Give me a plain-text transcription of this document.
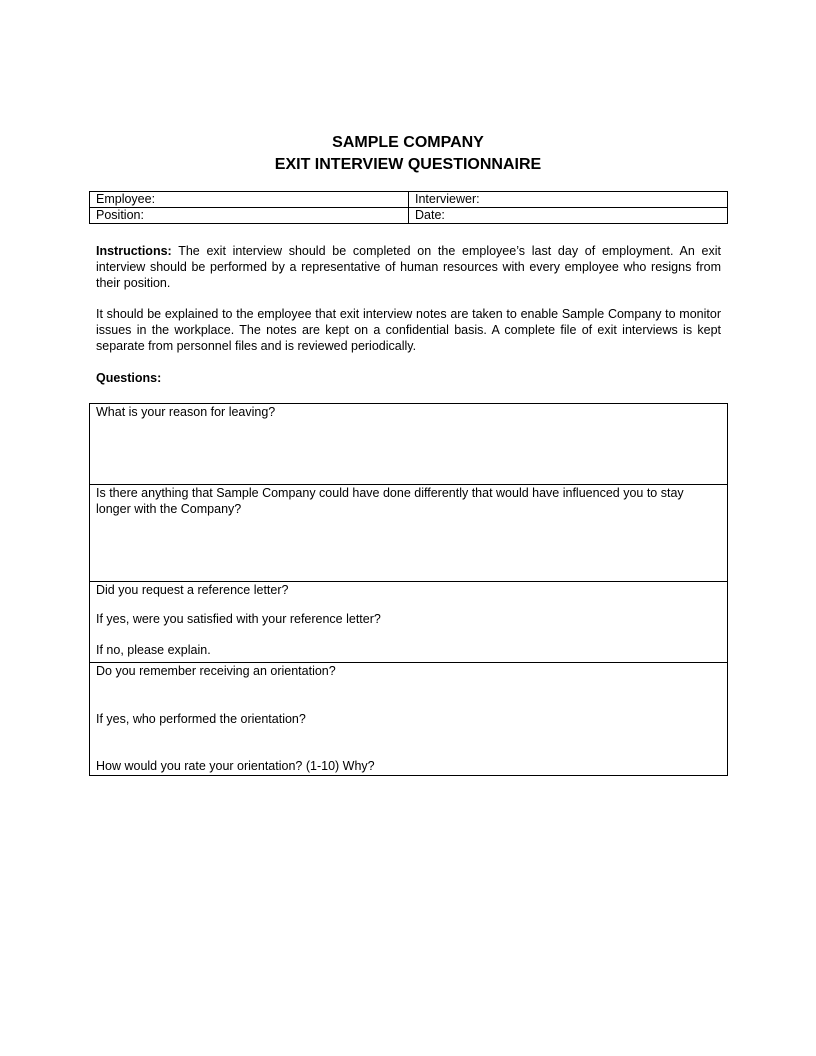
SAMPLE COMPANY
EXIT INTERVIEW QUESTIONNAIRE
Employee:	Interviewer:
Position:	Date:

Instructions: The exit interview should be completed on the employee’s last day of employment. An exit interview should be performed by a representative of human resources with every employee who resigns from their position.

It should be explained to the employee that exit interview notes are taken to enable Sample Company to monitor issues in the workplace. The notes are kept on a confidential basis. A complete file of exit interviews is kept separate from personnel files and is reviewed periodically.

Questions:
What is your reason for leaving?
Is there anything that Sample Company could have done differently that would have influenced you to stay longer with the Company?
Did you request a reference letter?
If yes, were you satisfied with your reference letter?
If no, please explain.
Do you remember receiving an orientation?
If yes, who performed the orientation?
How would you rate your orientation? (1-10) Why?
